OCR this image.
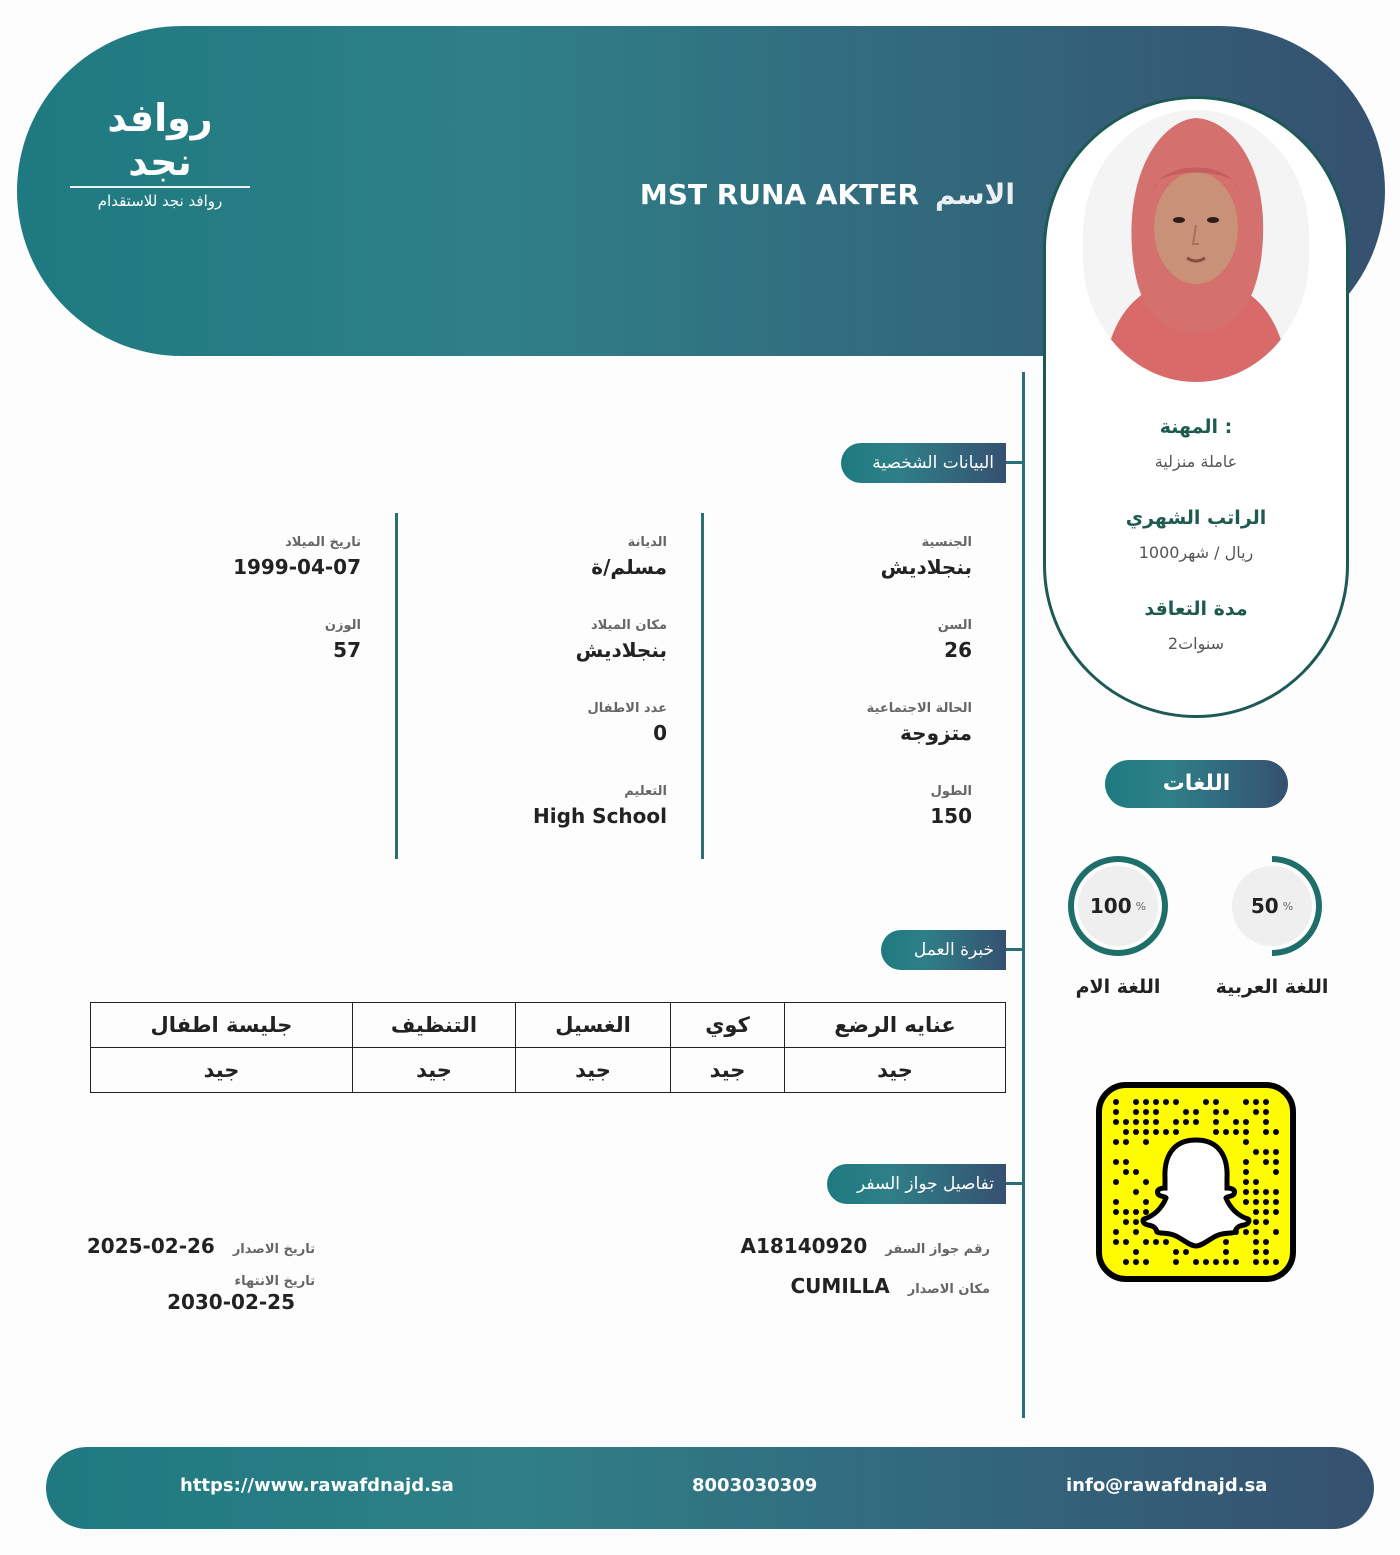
روافد نجد
روافد نجد للاستقدام	الاسم
MST RUNA AKTER
المهنة :
عاملة منزلية
الراتب الشهري
1000ريال / شهر
مدة التعاقد
2سنوات
البيانات الشخصية
الجنسية
بنجلاديش
السن
26
الحالة الاجتماعية
متزوجة
الطول
150
الديانة
مسلم/ة
مكان الميلاد
بنجلاديش
عدد الاطفال
0
التعليم
High School
تاريخ الميلاد
1999-04-07
الوزن
57
اللغات
50 %
اللغة العربية
100 %
اللغة الام
خبرة العمل
جليسة اطفال	التنظيف	الغسيل	كوي	عنايه الرضع
جيد	جيد	جيد	جيد	جيد
تفاصيل جواز السفر
رقم جواز السفر
A18140920
مكان الاصدار
CUMILLA
تاريخ الاصدار
2025-02-26
تاريخ الانتهاء
2030-02-25
https://www.rawafdnajd.sa	8003030309	info@rawafdnajd.sa
